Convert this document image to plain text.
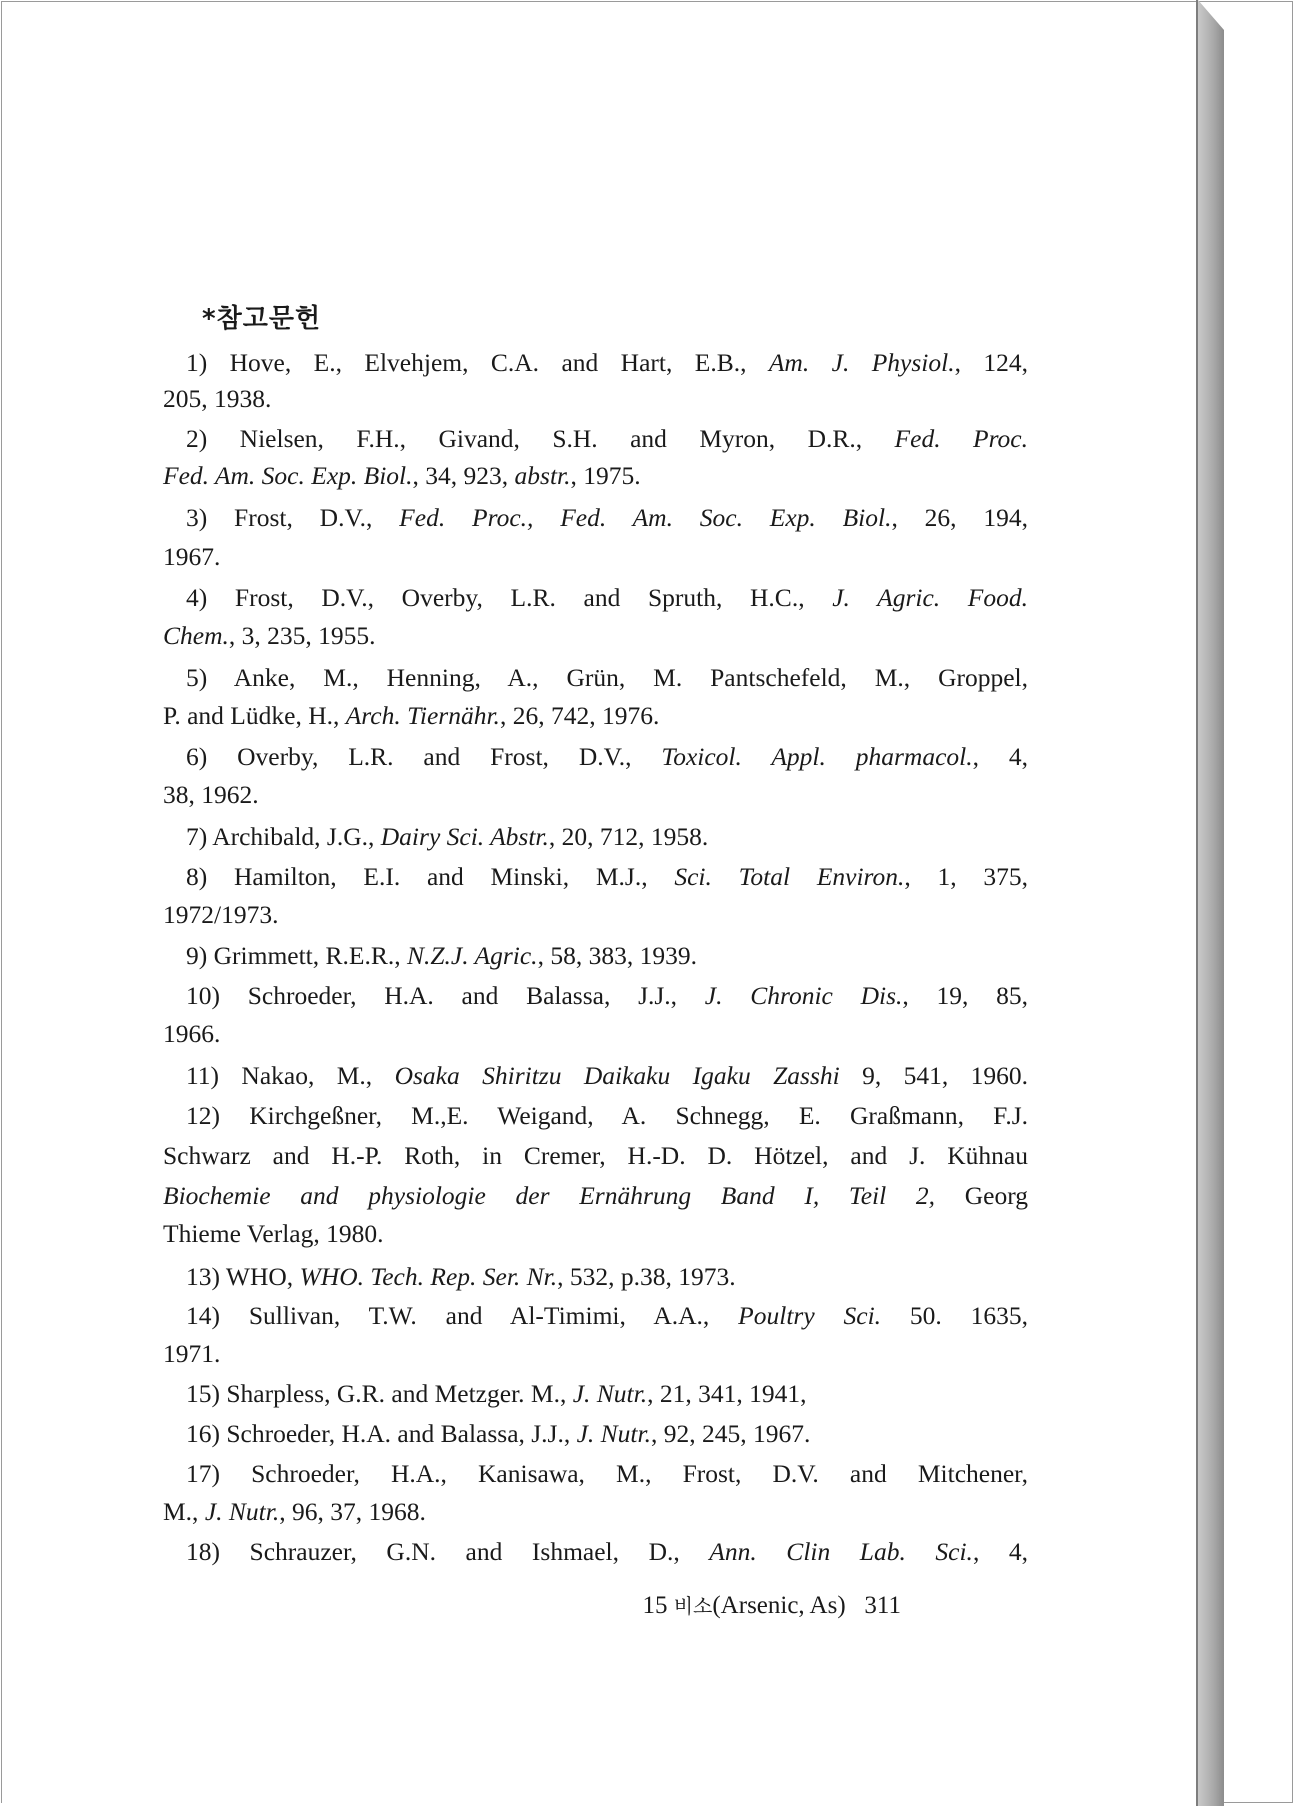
*참고문헌
1) Hove, E., Elvehjem, C.A. and Hart, E.B., Am. J. Physiol., 124,
205, 1938.
2) Nielsen, F.H., Givand, S.H. and Myron, D.R., Fed. Proc.
Fed. Am. Soc. Exp. Biol., 34, 923, abstr., 1975.
3) Frost, D.V., Fed. Proc., Fed. Am. Soc. Exp. Biol., 26, 194,
1967.
4) Frost, D.V., Overby, L.R. and Spruth, H.C., J. Agric. Food.
Chem., 3, 235, 1955.
5) Anke, M., Henning, A., Grün, M. Pantschefeld, M., Groppel,
P. and Lüdke, H., Arch. Tiernähr., 26, 742, 1976.
6) Overby, L.R. and Frost, D.V., Toxicol. Appl. pharmacol., 4,
38, 1962.
7) Archibald, J.G., Dairy Sci. Abstr., 20, 712, 1958.
8) Hamilton, E.I. and Minski, M.J., Sci. Total Environ., 1, 375,
1972/1973.
9) Grimmett, R.E.R., N.Z.J. Agric., 58, 383, 1939.
10) Schroeder, H.A. and Balassa, J.J., J. Chronic Dis., 19, 85,
1966.
11) Nakao, M., Osaka Shiritzu Daikaku Igaku Zasshi 9, 541, 1960.
12) Kirchgeßner, M.,E. Weigand, A. Schnegg, E. Graßmann, F.J.
Schwarz and H.-P. Roth, in Cremer, H.-D. D. Hötzel, and J. Kühnau
Biochemie and physiologie der Ernährung Band I, Teil 2, Georg
Thieme Verlag, 1980.
13) WHO, WHO. Tech. Rep. Ser. Nr., 532, p.38, 1973.
14) Sullivan, T.W. and Al-Timimi, A.A., Poultry Sci. 50. 1635,
1971.
15) Sharpless, G.R. and Metzger. M., J. Nutr., 21, 341, 1941,
16) Schroeder, H.A. and Balassa, J.J., J. Nutr., 92, 245, 1967.
17) Schroeder, H.A., Kanisawa, M., Frost, D.V. and Mitchener,
M., J. Nutr., 96, 37, 1968.
18) Schrauzer, G.N. and Ishmael, D., Ann. Clin Lab. Sci., 4,
15 비소(Arsenic, As) 311
